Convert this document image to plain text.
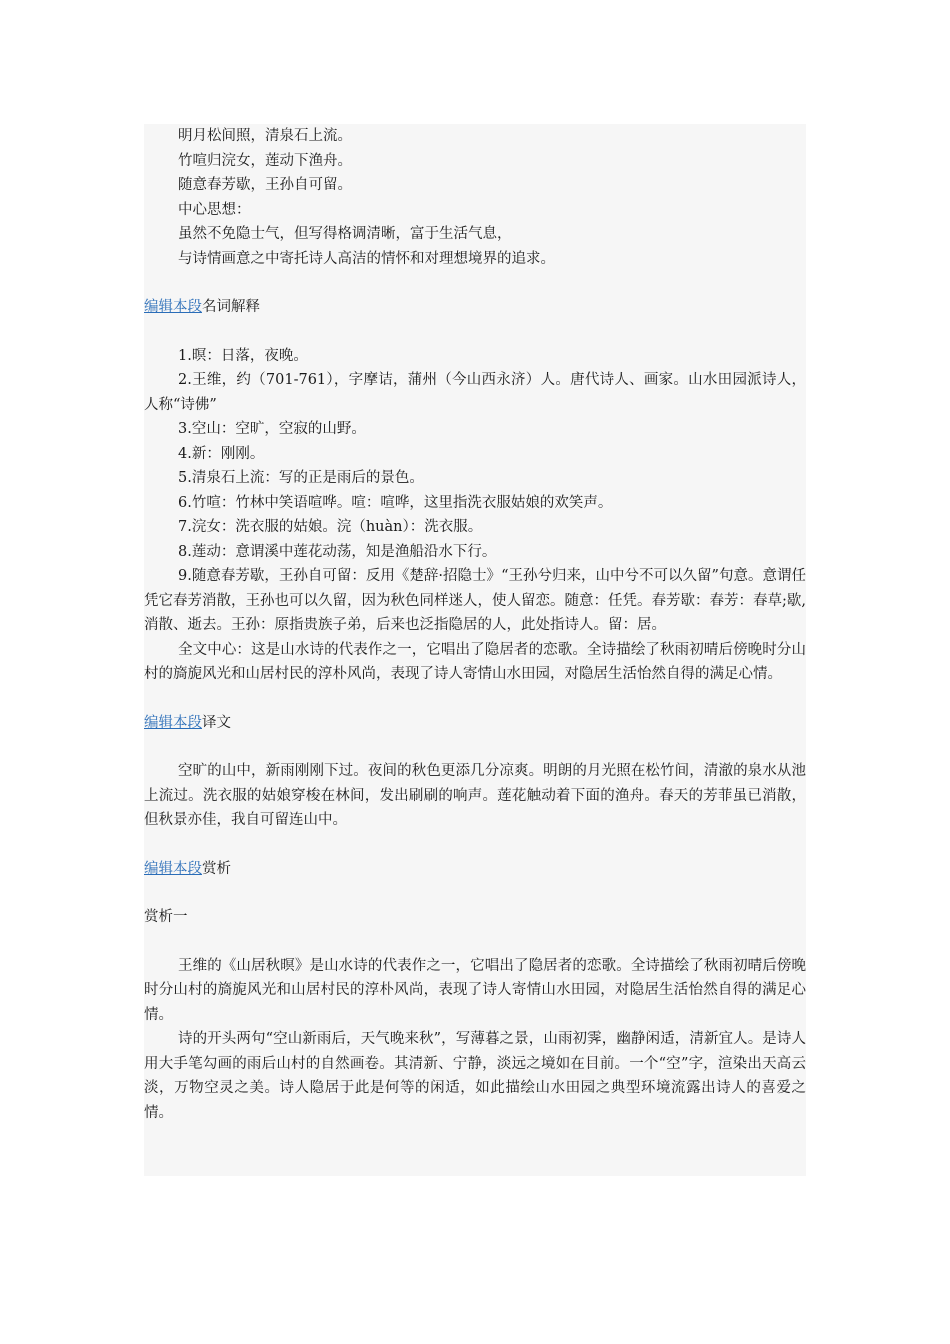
明月松间照，清泉石上流。

竹喧归浣女，莲动下渔舟。

随意春芳歇，王孙自可留。

中心思想：

虽然不免隐士气，但写得格调清晰，富于生活气息，

与诗情画意之中寄托诗人高洁的情怀和对理想境界的追求。

编辑本段名词解释

1.暝：日落，夜晚。

2.王维，约（701-761），字摩诘，蒲州（今山西永济）人。唐代诗人、画家。山水田园派诗人，人称“诗佛”

3.空山：空旷，空寂的山野。

4.新：刚刚。

5.清泉石上流：写的正是雨后的景色。

6.竹喧：竹林中笑语喧哗。喧：喧哗，这里指洗衣服姑娘的欢笑声。

7.浣女：洗衣服的姑娘。浣（huàn）：洗衣服。

8.莲动：意谓溪中莲花动荡，知是渔船沿水下行。

9.随意春芳歇，王孙自可留：反用《楚辞·招隐士》“王孙兮归来，山中兮不可以久留”句意。意谓任凭它春芳消散，王孙也可以久留，因为秋色同样迷人，使人留恋。随意：任凭。春芳歇：春芳：春草;歇,消散、逝去。王孙：原指贵族子弟，后来也泛指隐居的人，此处指诗人。留：居。

全文中心：这是山水诗的代表作之一，它唱出了隐居者的恋歌。全诗描绘了秋雨初晴后傍晚时分山村的旖旎风光和山居村民的淳朴风尚，表现了诗人寄情山水田园，对隐居生活怡然自得的满足心情。

编辑本段译文

空旷的山中，新雨刚刚下过。夜间的秋色更添几分凉爽。明朗的月光照在松竹间，清澈的泉水从池上流过。洗衣服的姑娘穿梭在林间，发出刷刷的响声。莲花触动着下面的渔舟。春天的芳菲虽已消散，但秋景亦佳，我自可留连山中。

编辑本段赏析
赏析一

王维的《山居秋暝》是山水诗的代表作之一，它唱出了隐居者的恋歌。全诗描绘了秋雨初晴后傍晚时分山村的旖旎风光和山居村民的淳朴风尚，表现了诗人寄情山水田园，对隐居生活怡然自得的满足心情。

诗的开头两句“空山新雨后，天气晚来秋”，写薄暮之景，山雨初霁，幽静闲适，清新宜人。是诗人用大手笔勾画的雨后山村的自然画卷。其清新、宁静，淡远之境如在目前。一个“空”字，渲染出天高云淡，万物空灵之美。诗人隐居于此是何等的闲适，如此描绘山水田园之典型环境流露出诗人的喜爱之情。
